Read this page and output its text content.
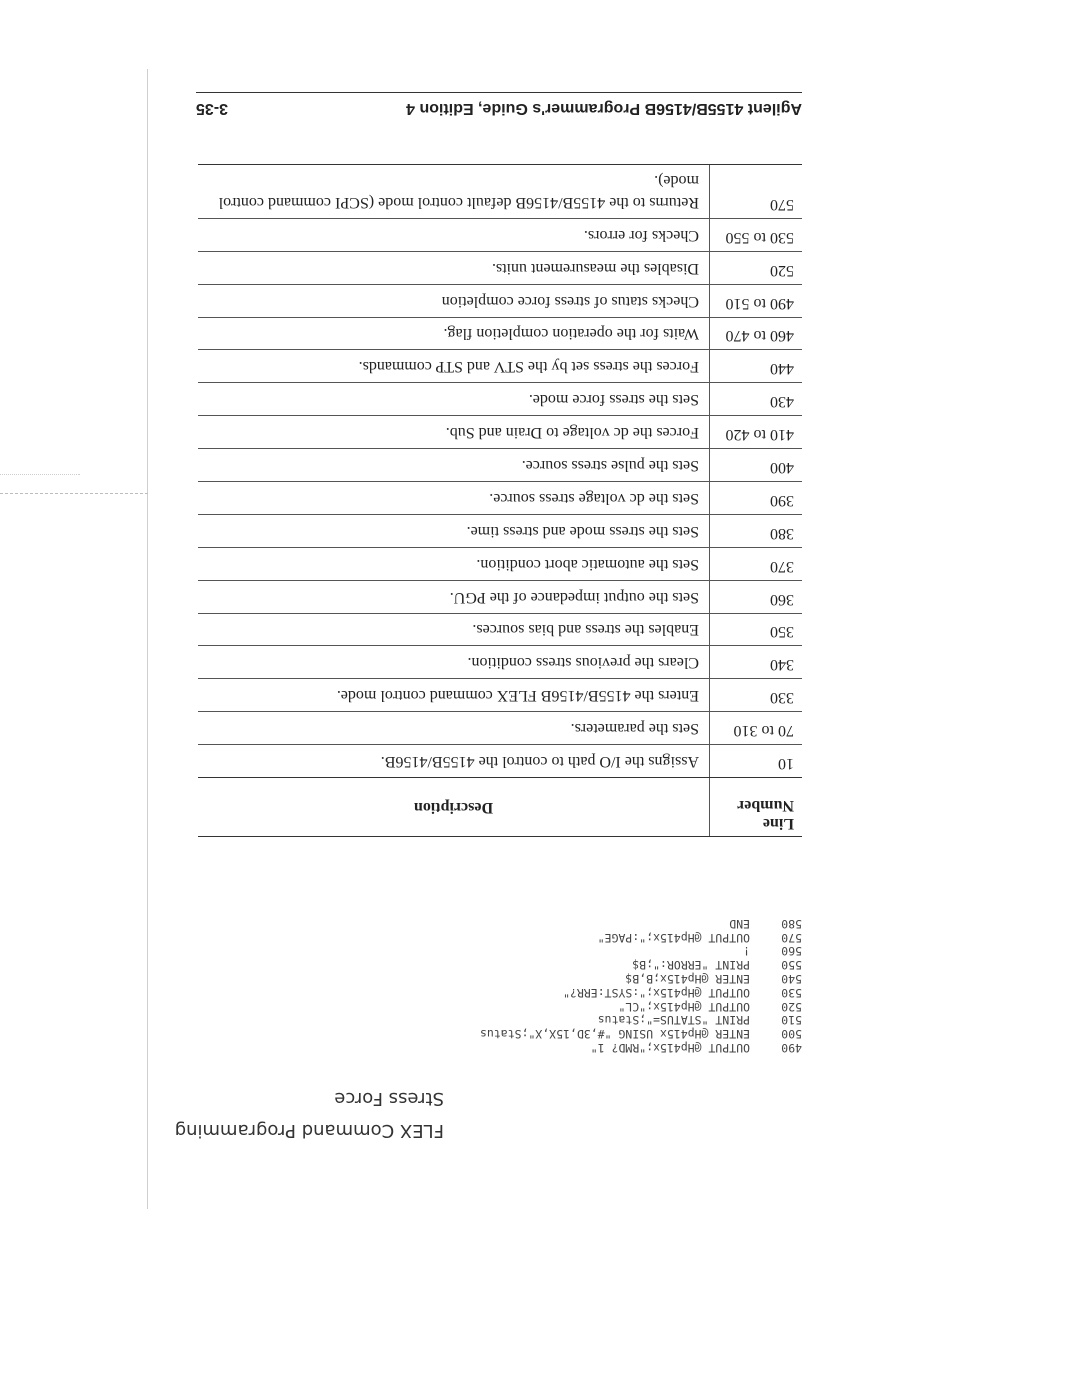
FLEX Command Programming
Stress Force
490OUTPUT @Hp415x;"RMD? 1"
500ENTER @Hp415x USING "#,3D,15X,X";Status
510PRINT "STATUS=";Status
520OUTPUT @Hp415x;"CL"
530OUTPUT @Hp415x;":SYST:ERR?"
540ENTER @Hp415x;B,B$
550PRINT "ERROR:";B$
560!
570OUTPUT @Hp415x;":PAGE"
580END
Line Number
Description
10
Assigns the I/O path to control the 4155B/4156B.
70 to 310
Sets the parameters.
330
Enters the 4155B/4156B FLEX command control mode.
340
Clears the previous stress condition.
350
Enables the stress and bias sources.
360
Sets the output impedance of the PGU.
370
Sets the automatic abort condition.
380
Sets the stress mode and stress time.
390
Sets the dc voltage stress source.
400
Sets the pulse stress source.
410 to 420
Forces the dc voltage to Drain and Sub.
430
Sets the stress force mode.
440
Forces the stress set by the STV and STP commands.
460 to 470
Waits for the operation completion flag.
490 to 510
Checks status of stress force completion
520
Disables the measurement units.
530 to 550
Checks for errors.
570
Returns to the 4155B/4156B default control mode (SCPI command control mode).
Agilent 4155B/4156B Programmer's Guide, Edition 4
3-35
